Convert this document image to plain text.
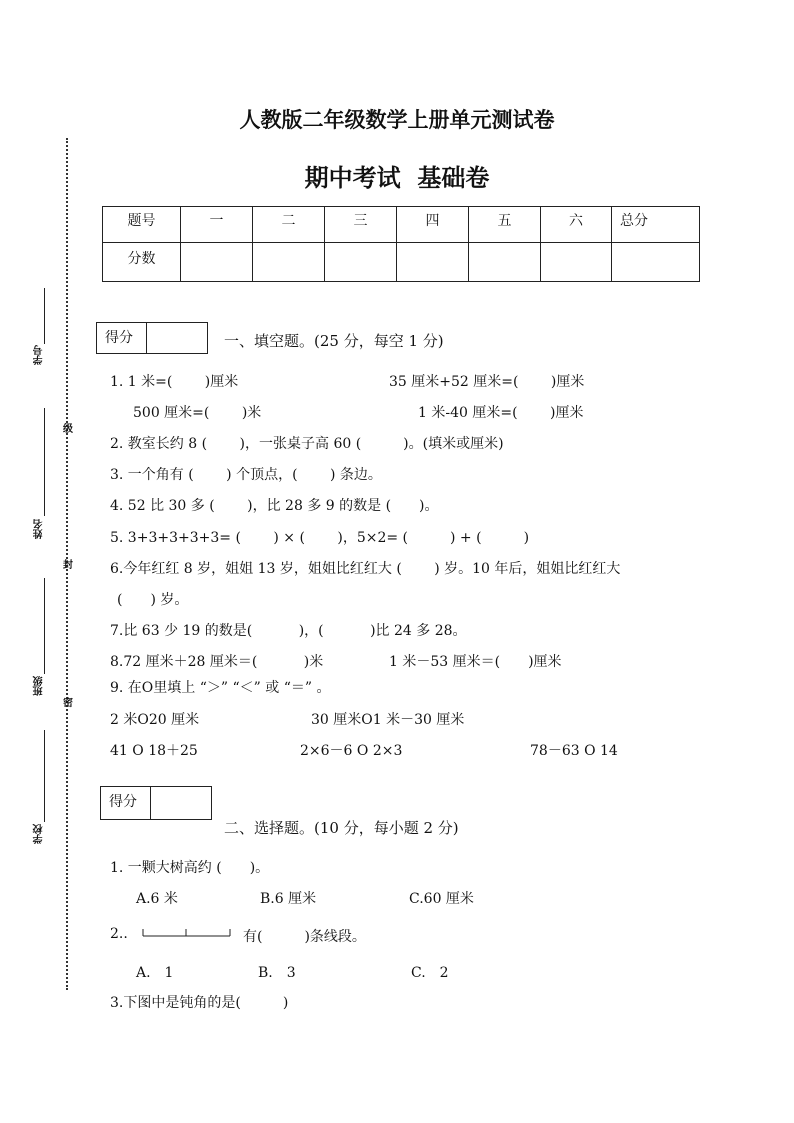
学号
级
姓名
封
班级
密
学校
人教版二年级数学上册单元测试卷
期中考试  基础卷
题号	一	二	三	四	五	六	总分
分数							
得分	一、填空题。(25 分，每空 1 分)
1. 1 米=(　　 )厘米	35 厘米+52 厘米=(　　 )厘米
500 厘米=(　　 )米	1 米-40 厘米=(　　 )厘米
2. 教室长约 8 (　　 )，一张桌子高 60 (　　　)。(填米或厘米)
3. 一个角有 (　　 ) 个顶点，(　　 ) 条边。
4. 52 比 30 多 (　　 )，比 28 多 9 的数是 (　　)。
5. 3+3+3+3+3= (　　 ) × (　　 )，5×2= (　　　) + (　　　)
6.今年红红 8 岁，姐姐 13 岁，姐姐比红红大 (　　 ) 岁。10 年后，姐姐比红红大
(　　) 岁。
7.比 63 少 19 的数是(　　　 )，(　　　 )比 24 多 28。
8.72 厘米＋28 厘米＝(　　　 )米	1 米－53 厘米＝(　　)厘米
9. 在O里填上 “＞” “＜” 或 “＝” 。
2 米O20 厘米	30 厘米O1 米－30 厘米
41 O 18＋25	2×6－6 O 2×3	78－63 O 14
得分
二、选择题。(10 分，每小题 2 分)
1. 一颗大树高约 (　　)。
A.6 米	B.6 厘米	C.60 厘米
2..	有(　　　)条线段。
A.　1	B.　3	C.　2
3.下图中是钝角的是(　　　)
